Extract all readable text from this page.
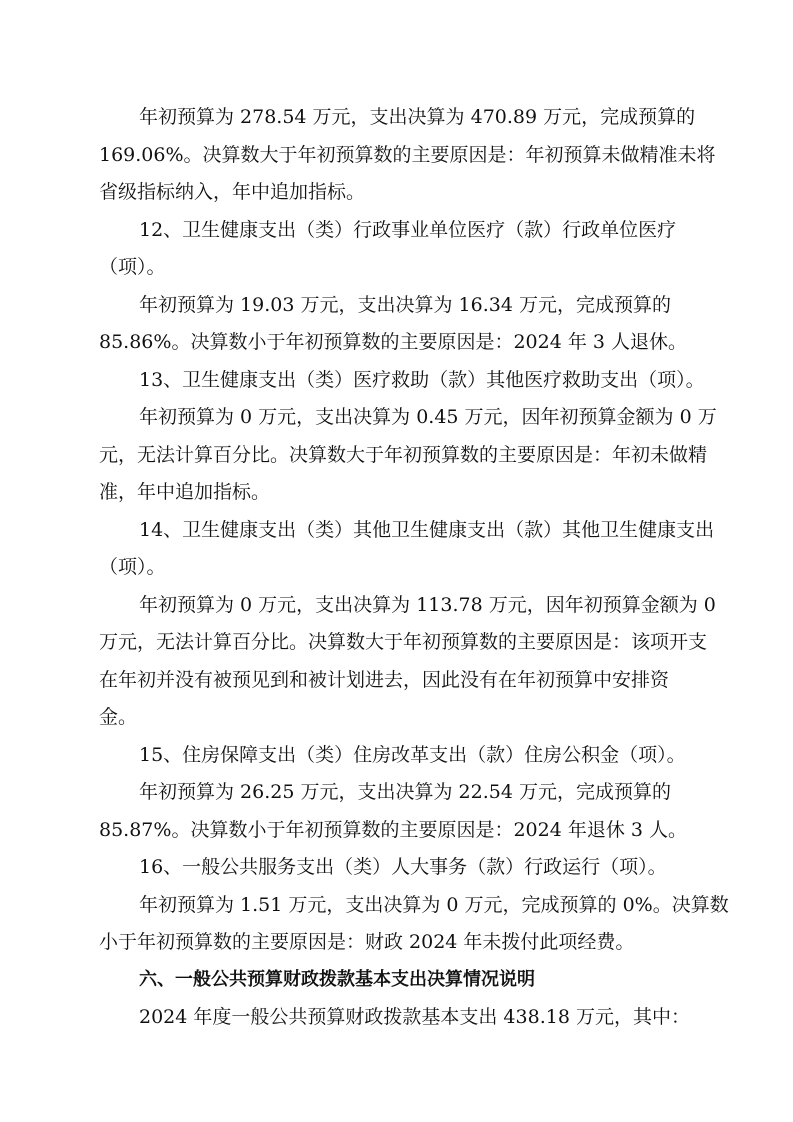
年初预算为 278.54 万元，支出决算为 470.89 万元，完成预算的
169.06%。决算数大于年初预算数的主要原因是：年初预算未做精准未将
省级指标纳入，年中追加指标。
12、卫生健康支出（类）行政事业单位医疗（款）行政单位医疗
（项）。
年初预算为 19.03 万元，支出决算为 16.34 万元，完成预算的
85.86%。决算数小于年初预算数的主要原因是：2024 年 3 人退休。
13、卫生健康支出（类）医疗救助（款）其他医疗救助支出（项）。
年初预算为 0 万元，支出决算为 0.45 万元，因年初预算金额为 0 万
元，无法计算百分比。决算数大于年初预算数的主要原因是：年初未做精
准，年中追加指标。
14、卫生健康支出（类）其他卫生健康支出（款）其他卫生健康支出
（项）。
年初预算为 0 万元，支出决算为 113.78 万元，因年初预算金额为 0
万元，无法计算百分比。决算数大于年初预算数的主要原因是：该项开支
在年初并没有被预见到和被计划进去，因此没有在年初预算中安排资
金。
15、住房保障支出（类）住房改革支出（款）住房公积金（项）。
年初预算为 26.25 万元，支出决算为 22.54 万元，完成预算的
85.87%。决算数小于年初预算数的主要原因是：2024 年退休 3 人。
16、一般公共服务支出（类）人大事务（款）行政运行（项）。
年初预算为 1.51 万元，支出决算为 0 万元，完成预算的 0%。决算数
小于年初预算数的主要原因是：财政 2024 年未拨付此项经费。
六、一般公共预算财政拨款基本支出决算情况说明
2024 年度一般公共预算财政拨款基本支出 438.18 万元，其中：
